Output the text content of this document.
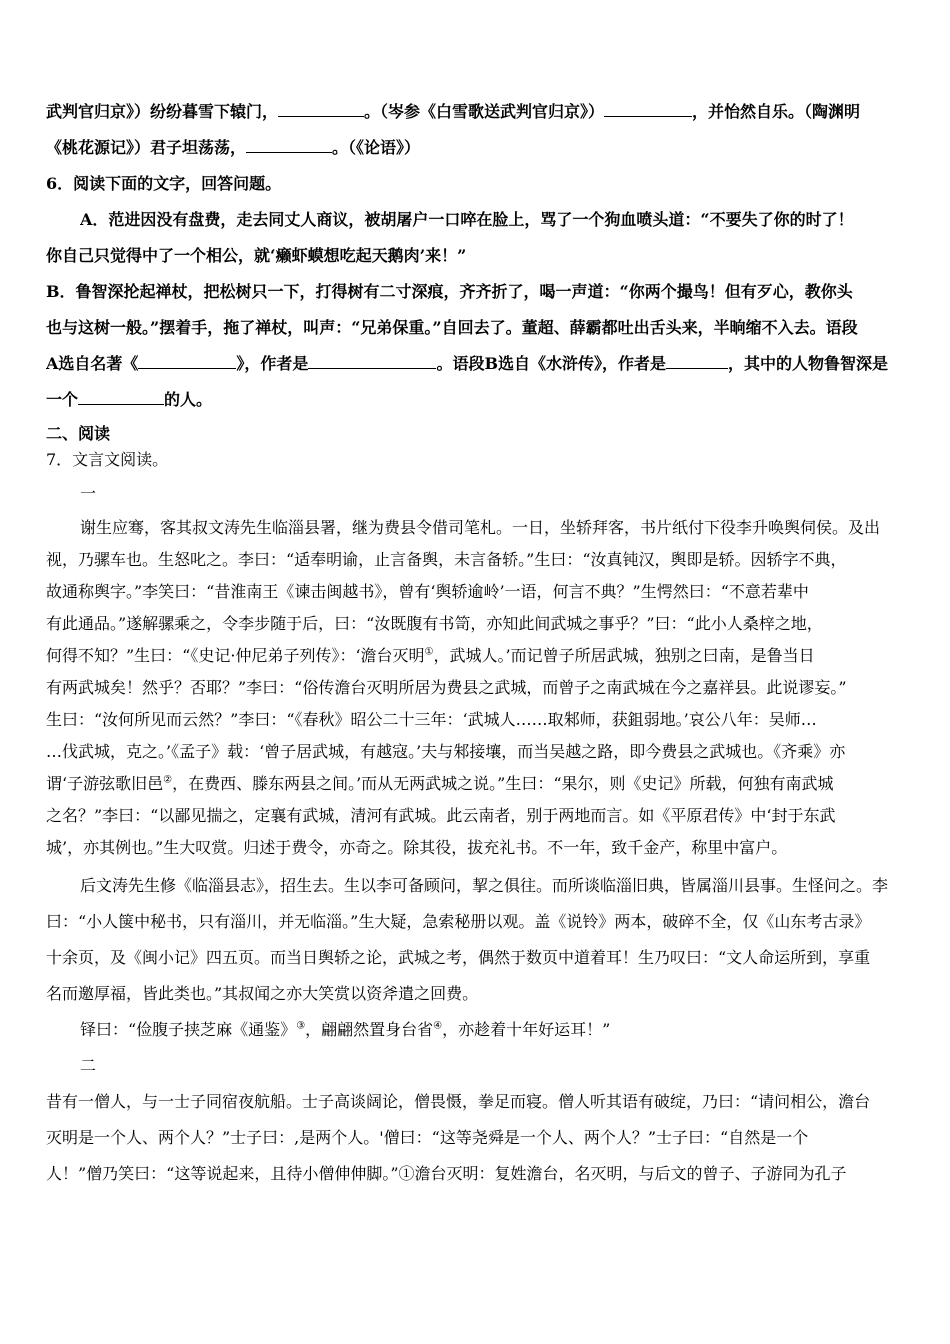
武判官归京》）纷纷暮雪下辕门，	。（岑参《白雪歌送武判官归京》）	，并怡然自乐。（陶渊明
《桃花源记》）君子坦荡荡，	。（《论语》）
6．阅读下面的文字，回答问题。
A．范进因没有盘费，走去同丈人商议，被胡屠户一口啐在脸上，骂了一个狗血喷头道：“不要失了你的时了！
你自己只觉得中了一个相公，就‘癞虾蟆想吃起天鹅肉’来！”
B．鲁智深抡起禅杖，把松树只一下，打得树有二寸深痕，齐齐折了，喝一声道：“你两个撮鸟！但有歹心，教你头
也与这树一般。”摆着手，拖了禅杖，叫声：“兄弟保重。”自回去了。董超、薛霸都吐出舌头来，半晌缩不入去。语段
A选自名著《	》，作者是	。语段B选自《水浒传》，作者是	，其中的人物鲁智深是
一个	的人。
二、阅读
7．文言文阅读。
一
谢生应骞，客其叔文涛先生临淄县署，继为费县令借司笔札。一日，坐轿拜客，书片纸付下役李升唤舆伺侯。及出
视，乃骡车也。生怒叱之。李曰：“适奉明谕，止言备舆，未言备轿。”生曰：“汝真钝汉，舆即是轿。因轿字不典，
故通称舆字。”李笑曰：“昔淮南王《谏击闽越书》，曾有‘舆轿逾岭’一语，何言不典？”生愕然曰：“不意若辈中
有此通品。”遂解骡乘之，令李步随于后，曰：“汝既腹有书笥，亦知此间武城之事乎？”曰：“此小人桑梓之地，
何得不知？”生曰：“《史记·仲尼弟子列传》：‘澹台灭明①，武城人。’而记曾子所居武城，独别之曰南，是鲁当日
有两武城矣！然乎？否耶？”李曰：“俗传澹台灭明所居为费县之武城，而曾子之南武城在今之嘉祥县。此说谬妄。”
生曰：“汝何所见而云然？”李曰：“《春秋》昭公二十三年：‘武城人……取邾师，获鉏弱地。’哀公八年：吴师…
…伐武城，克之。’《孟子》载：‘曾子居武城，有越寇。’夫与邾接壤，而当吴越之路，即今费县之武城也。《齐乘》亦
谓‘子游弦歌旧邑②，在费西、滕东两县之间。’而从无两武城之说。”生曰：“果尔，则《史记》所载，何独有南武城
之名？”李曰：“以鄙见揣之，定襄有武城，清河有武城。此云南者，别于两地而言。如《平原君传》中‘封于东武
城’，亦其例也。”生大叹赏。归述于费令，亦奇之。除其役，拔充礼书。不一年，致千金产，称里中富户。
后文涛先生修《临淄县志》，招生去。生以李可备顾问，挈之俱往。而所谈临淄旧典，皆属淄川县事。生怪问之。李
曰：“小人箧中秘书，只有淄川，并无临淄。”生大疑，急索秘册以观。盖《说铃》两本，破碎不全，仅《山东考古录》
十余页，及《闽小记》四五页。而当日舆轿之论，武城之考，偶然于数页中道着耳！生乃叹曰：“文人命运所到，享重
名而邀厚福，皆此类也。”其叔闻之亦大笑赏以资斧遣之回费。
铎曰：“俭腹子挟芝麻《通鉴》③，翩翩然置身台省④，亦趁着十年好运耳！”
二
昔有一僧人，与一士子同宿夜航船。士子高谈阔论，僧畏慑，拳足而寝。僧人听其语有破绽，乃曰：“请问相公，澹台
灭明是一个人、两个人？”士子曰：,是两个人。'僧曰：“这等尧舜是一个人、两个人？”士子曰：“自然是一个
人！”僧乃笑曰：“这等说起来，且待小僧伸伸脚。”①澹台灭明：复姓澹台，名灭明，与后文的曾子、子游同为孔子
